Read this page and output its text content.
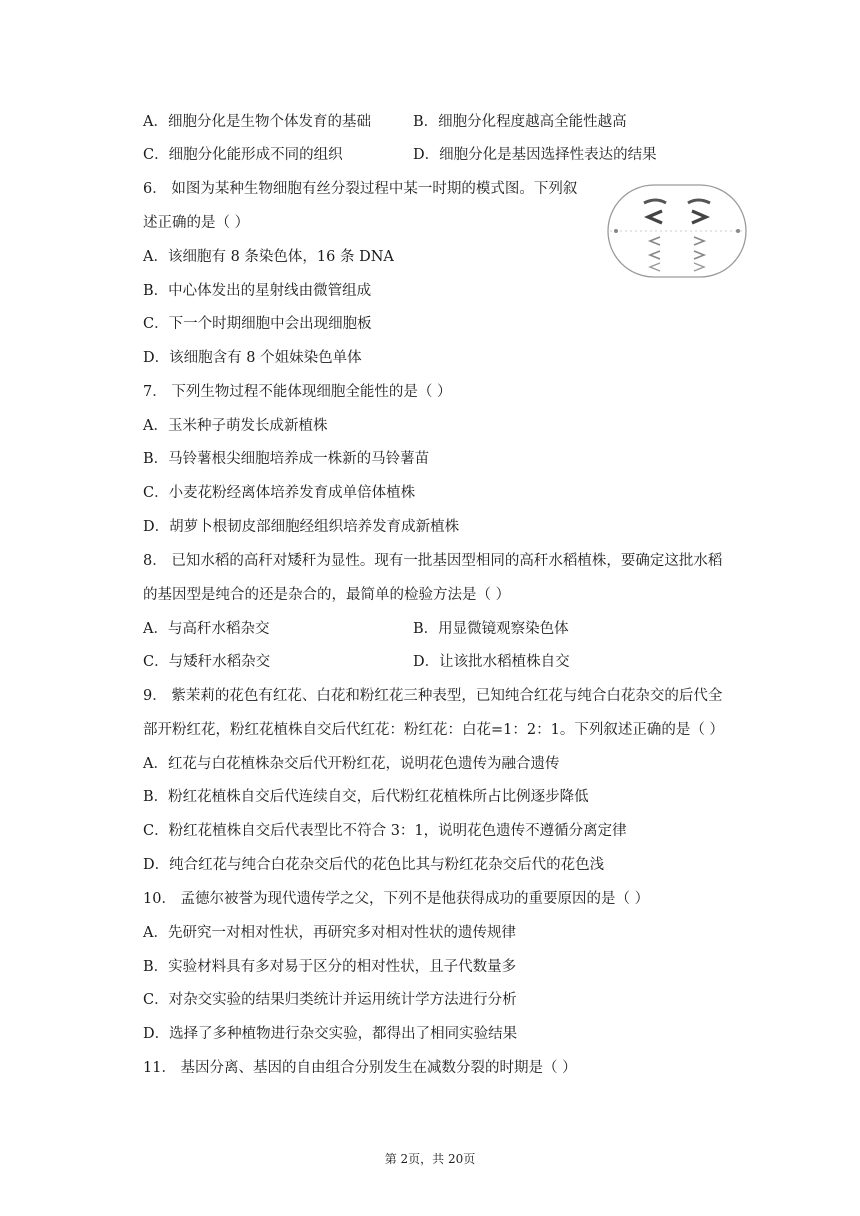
A．细胞分化是生物个体发育的基础	B．细胞分化程度越高全能性越高
C．细胞分化能形成不同的组织	D．细胞分化是基因选择性表达的结果
6． 如图为某种生物细胞有丝分裂过程中某一时期的模式图。下列叙
述正确的是（ ）
A．该细胞有 8 条染色体，16 条 DNA
B．中心体发出的星射线由微管组成
C．下一个时期细胞中会出现细胞板
D．该细胞含有 8 个姐妹染色单体
7． 下列生物过程不能体现细胞全能性的是（ ）
A．玉米种子萌发长成新植株
B．马铃薯根尖细胞培养成一株新的马铃薯苗
C．小麦花粉经离体培养发育成单倍体植株
D．胡萝卜根韧皮部细胞经组织培养发育成新植株
8． 已知水稻的高秆对矮秆为显性。现有一批基因型相同的高秆水稻植株，要确定这批水稻
的基因型是纯合的还是杂合的，最简单的检验方法是（ ）
A．与高秆水稻杂交	B．用显微镜观察染色体
C．与矮秆水稻杂交	D．让该批水稻植株自交
9． 紫茉莉的花色有红花、白花和粉红花三种表型，已知纯合红花与纯合白花杂交的后代全
部开粉红花，粉红花植株自交后代红花：粉红花：白花=1：2：1。下列叙述正确的是（ ）
A．红花与白花植株杂交后代开粉红花，说明花色遗传为融合遗传
B．粉红花植株自交后代连续自交，后代粉红花植株所占比例逐步降低
C．粉红花植株自交后代表型比不符合 3：1，说明花色遗传不遵循分离定律
D．纯合红花与纯合白花杂交后代的花色比其与粉红花杂交后代的花色浅
10． 孟德尔被誉为现代遗传学之父，下列不是他获得成功的重要原因的是（ ）
A．先研究一对相对性状，再研究多对相对性状的遗传规律
B．实验材料具有多对易于区分的相对性状，且子代数量多
C．对杂交实验的结果归类统计并运用统计学方法进行分析
D．选择了多种植物进行杂交实验，都得出了相同实验结果
11． 基因分离、基因的自由组合分别发生在减数分裂的时期是（ ）
第 2页，共 20页
